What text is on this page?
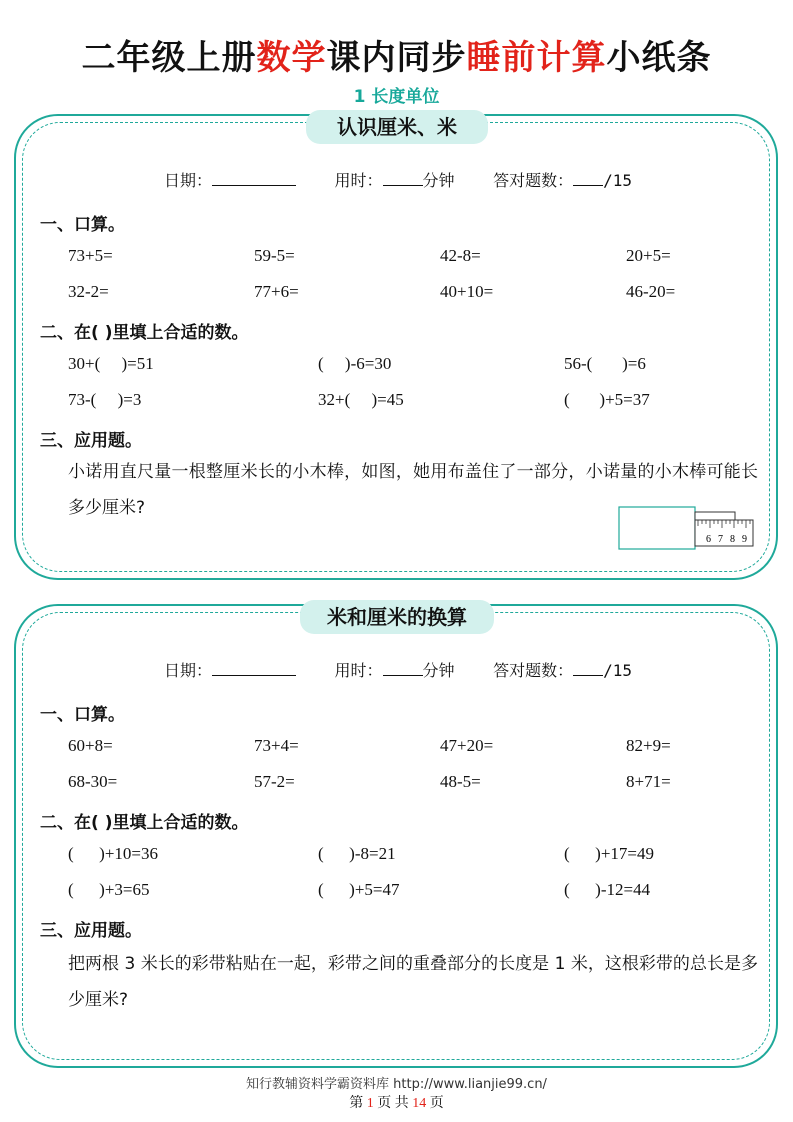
二年级上册数学课内同步睡前计算小纸条
1 长度单位
认识厘米、米
日期：	用时：	分钟 答对题数： /15
一、口算。
73+5=	59-5=	42-8=	20+5=
32-2=	77+6=	40+10=	46-20=
二、在( )里填上合适的数。
30+(     )=51	(     )-6=30	56-(       )=6
73-(     )=3	32+(     )=45	(       )+5=37
三、应用题。
小诺用直尺量一根整厘米长的小木棒，如图，她用布盖住了一部分，小诺量的小木棒可能长多少厘米?
6 7 8 9
米和厘米的换算
日期：	用时：	分钟 答对题数： /15
一、口算。
60+8=	73+4=	47+20=	82+9=
68-30=	57-2=	48-5=	8+71=
二、在( )里填上合适的数。
(      )+10=36	(      )-8=21	(      )+17=49
(      )+3=65	(      )+5=47	(      )-12=44
三、应用题。
把两根 3 米长的彩带粘贴在一起，彩带之间的重叠部分的长度是 1 米，这根彩带的总长是多少厘米?
知行教辅资料学霸资料库 http://www.lianjie99.cn/
第 1 页 共 14 页
